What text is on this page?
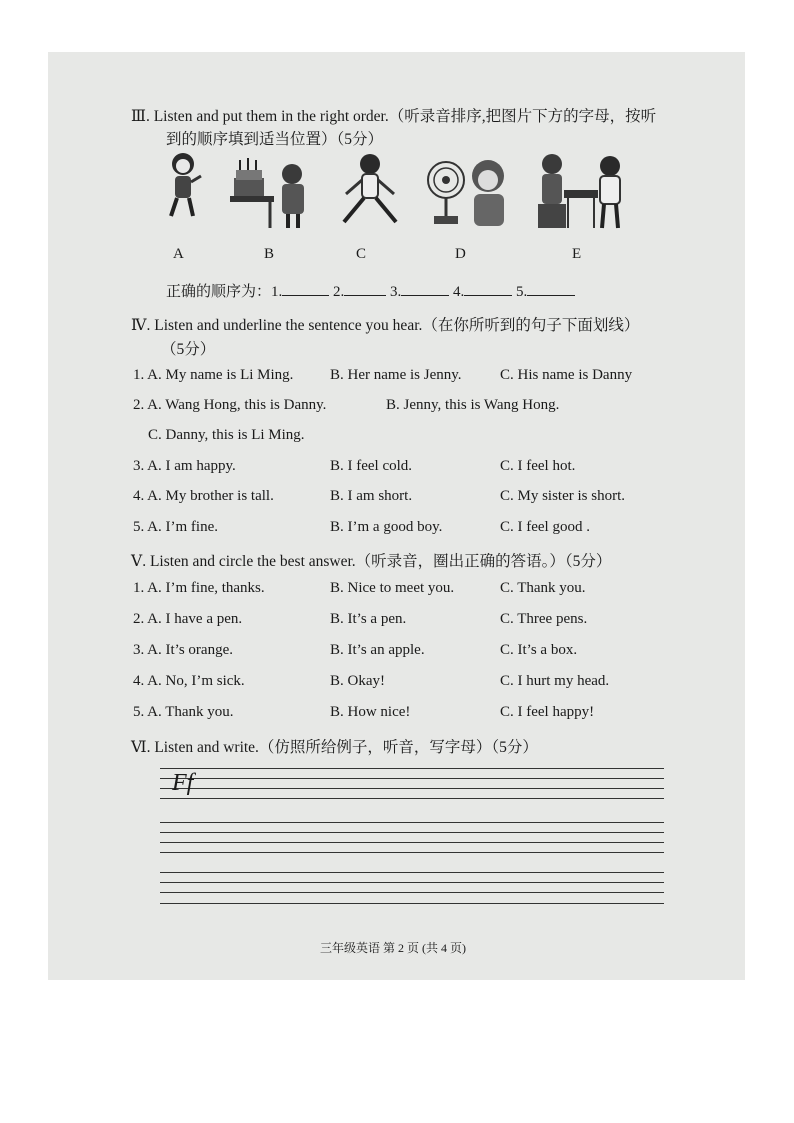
Ⅲ. Listen and put them in the right order.（听录音排序,把图片下方的字母，按听
到的顺序填到适当位置）（5分）
A	B	C	D	E
正确的顺序为：1.	2.	3.	4.	5.
Ⅳ. Listen and underline the sentence you hear.（在你所听到的句子下面划线）
（5分）
1. A. My name is Li Ming. B. Her name is Jenny.	C. His name is Danny
2. A. Wang Hong, this is Danny.	B. Jenny, this is Wang Hong.
C. Danny, this is Li Ming.
3. A. I am happy.	B. I feel cold.	C. I feel hot.
4. A. My brother is tall.	B. I am short.	C. My sister is short.
5. A. I’m fine.	B. I’m a good boy.	C. I feel good .
Ⅴ. Listen and circle the best answer.（听录音，圈出正确的答语。）（5分）
1. A. I’m fine, thanks.	B. Nice to meet you.	C. Thank you.
2. A. I have a pen.	B. It’s a pen.	C. Three pens.
3. A. It’s orange.	B. It’s an apple.	C. It’s a box.
4. A. No, I’m sick.	B. Okay!	C. I hurt my head.
5. A. Thank you.	B. How nice!	C. I feel happy!
Ⅵ. Listen and write.（仿照所给例子，听音，写字母）（5分）
Ff
三年级英语 第 2 页 (共 4 页)
